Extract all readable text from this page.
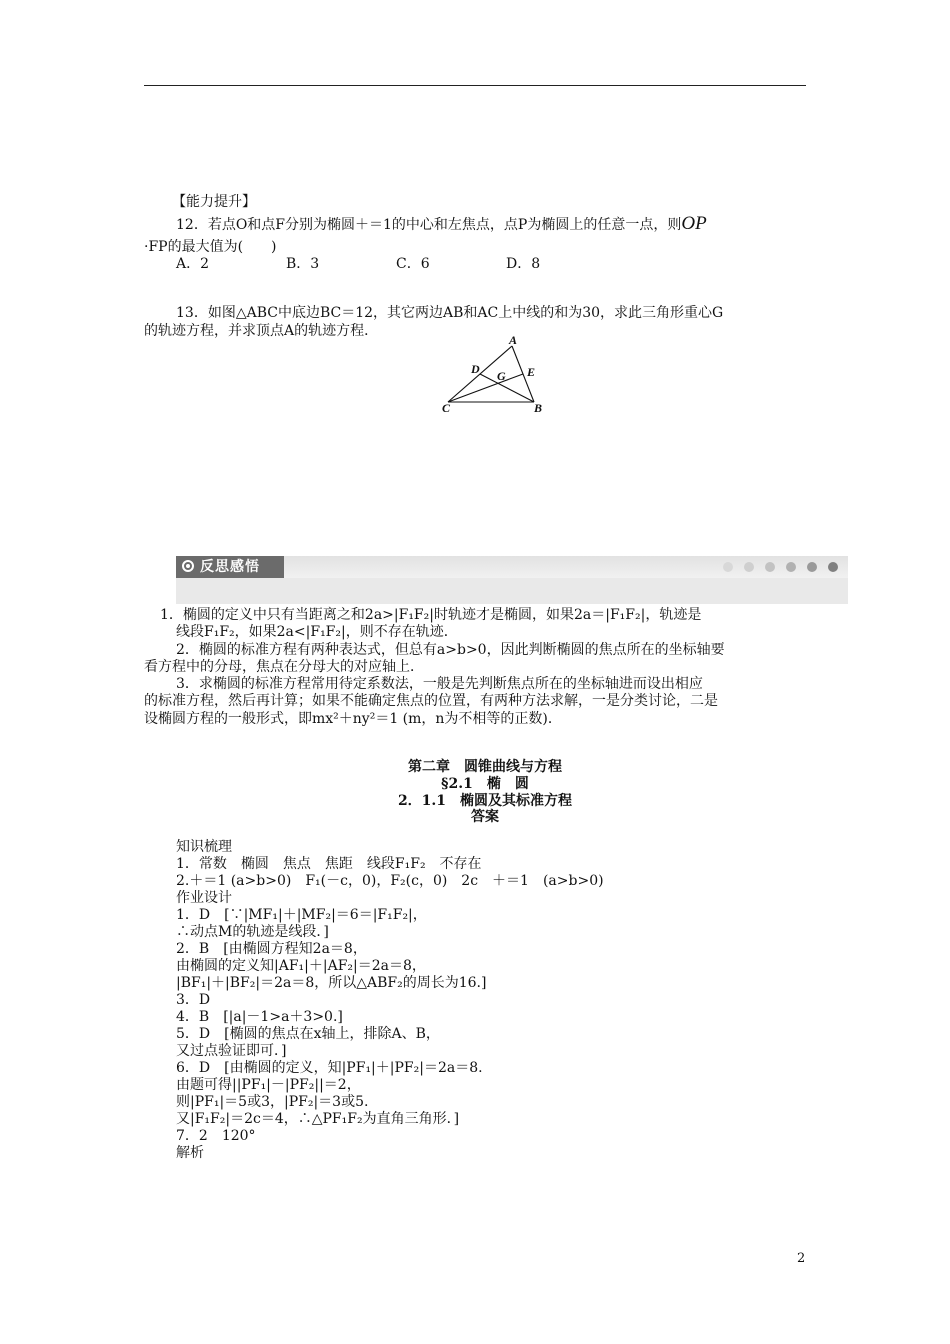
【能力提升】
12．若点O和点F分别为椭圆＋＝1的中心和左焦点，点P为椭圆上的任意一点，则OP
·FP的最大值为(　　)
A．2	B．3	C．6	D．8
13．如图△ABC中底边BC＝12，其它两边AB和AC上中线的和为30，求此三角形重心G
的轨迹方程，并求顶点A的轨迹方程．
A
D G E
C	B
反思感悟
1．椭圆的定义中只有当距离之和2a>|F₁F₂|时轨迹才是椭圆，如果2a＝|F₁F₂|，轨迹是
线段F₁F₂，如果2a<|F₁F₂|，则不存在轨迹．
2．椭圆的标准方程有两种表达式，但总有a>b>0，因此判断椭圆的焦点所在的坐标轴要
看方程中的分母，焦点在分母大的对应轴上．
3．求椭圆的标准方程常用待定系数法，一般是先判断焦点所在的坐标轴进而设出相应
的标准方程，然后再计算；如果不能确定焦点的位置，有两种方法求解，一是分类讨论，二是
设椭圆方程的一般形式，即mx²＋ny²＝1 (m，n为不相等的正数)．
第二章　圆锥曲线与方程
§2.1　椭　圆
2．1.1　椭圆及其标准方程
答案
知识梳理
1．常数　椭圆　焦点　焦距　线段F₁F₂　不存在
2.＋＝1 (a>b>0)　F₁(－c，0)，F₂(c，0)　2c　＋＝1　(a>b>0)
作业设计
1．D　[∵|MF₁|＋|MF₂|＝6＝|F₁F₂|，
∴动点M的轨迹是线段．]
2．B　[由椭圆方程知2a＝8，
由椭圆的定义知|AF₁|＋|AF₂|＝2a＝8，
|BF₁|＋|BF₂|＝2a＝8，所以△ABF₂的周长为16.]
3．D
4．B　[|a|－1>a＋3>0.]
5．D　[椭圆的焦点在x轴上，排除A、B，
又过点验证即可．]
6．D　[由椭圆的定义，知|PF₁|＋|PF₂|＝2a＝8.
由题可得||PF₁|－|PF₂||＝2，
则|PF₁|＝5或3，|PF₂|＝3或5.
又|F₁F₂|＝2c＝4，∴△PF₁F₂为直角三角形．]
7．2　120°
解析
2
